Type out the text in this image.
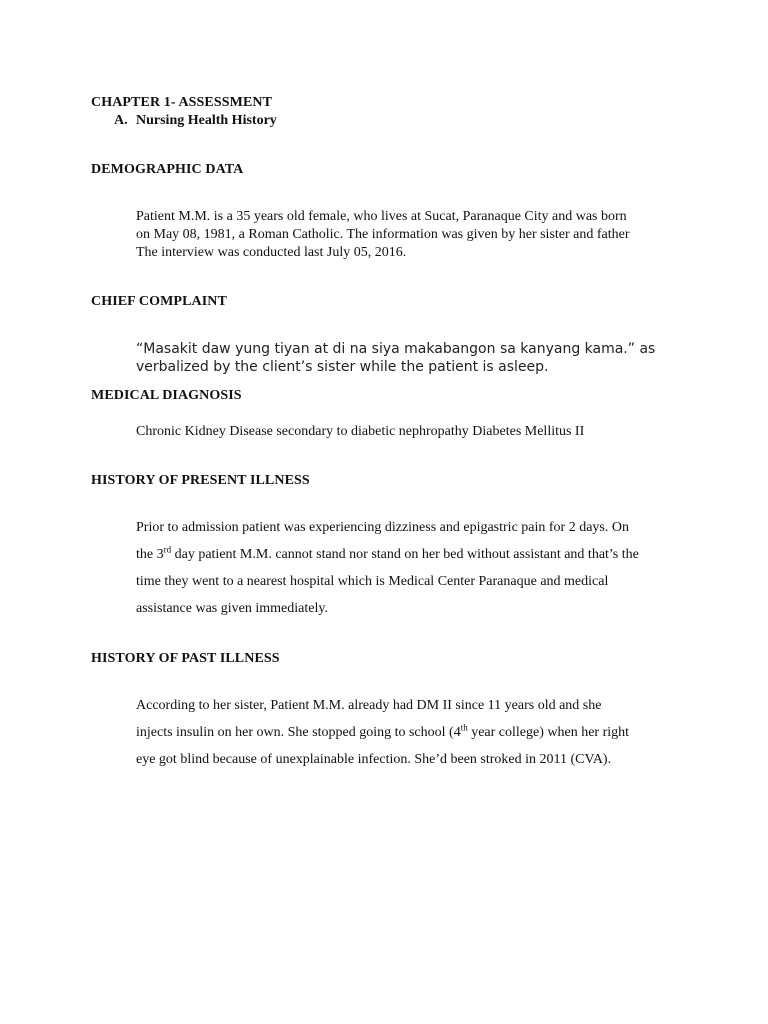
CHAPTER 1- ASSESSMENT
A. Nursing Health History
DEMOGRAPHIC DATA
Patient M.M. is a 35 years old female, who lives at Sucat, Paranaque City and was born
on May 08, 1981, a Roman Catholic. The information was given by her sister and father
The interview was conducted last July 05, 2016.
CHIEF COMPLAINT
“Masakit daw yung tiyan at di na siya makabangon sa kanyang kama.” as
verbalized by the client’s sister while the patient is asleep.
MEDICAL DIAGNOSIS
Chronic Kidney Disease secondary to diabetic nephropathy Diabetes Mellitus II
HISTORY OF PRESENT ILLNESS
Prior to admission patient was experiencing dizziness and epigastric pain for 2 days. On
the 3rd day patient M.M. cannot stand nor stand on her bed without assistant and that’s the
time they went to a nearest hospital which is Medical Center Paranaque and medical
assistance was given immediately.
HISTORY OF PAST ILLNESS
According to her sister, Patient M.M. already had DM II since 11 years old and she
injects insulin on her own. She stopped going to school (4th year college) when her right
eye got blind because of unexplainable infection. She’d been stroked in 2011 (CVA).
